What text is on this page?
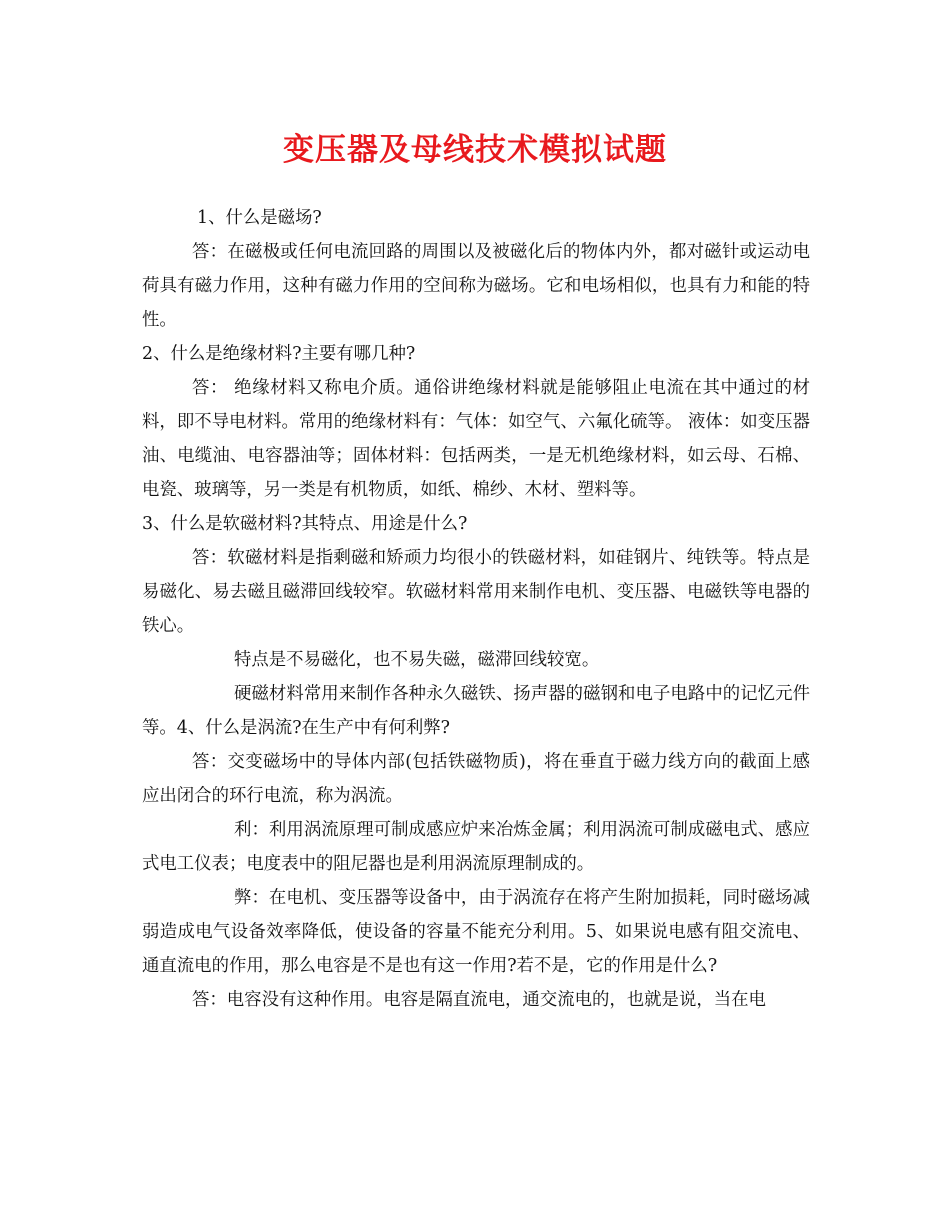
变压器及母线技术模拟试题

1、什么是磁场?

答：在磁极或任何电流回路的周围以及被磁化后的物体内外，都对磁针或运动电荷具有磁力作用，这种有磁力作用的空间称为磁场。它和电场相似，也具有力和能的特性。

2、什么是绝缘材料?主要有哪几种?

答： 绝缘材料又称电介质。通俗讲绝缘材料就是能够阻止电流在其中通过的材料，即不导电材料。常用的绝缘材料有：气体：如空气、六氟化硫等。 液体：如变压器油、电缆油、电容器油等；固体材料：包括两类，一是无机绝缘材料，如云母、石棉、电瓷、玻璃等，另一类是有机物质，如纸、棉纱、木材、塑料等。

3、什么是软磁材料?其特点、用途是什么?

答：软磁材料是指剩磁和矫顽力均很小的铁磁材料，如硅钢片、纯铁等。特点是易磁化、易去磁且磁滞回线较窄。软磁材料常用来制作电机、变压器、电磁铁等电器的铁心。

特点是不易磁化，也不易失磁，磁滞回线较宽。

硬磁材料常用来制作各种永久磁铁、扬声器的磁钢和电子电路中的记忆元件等。4、什么是涡流?在生产中有何利弊?

答：交变磁场中的导体内部(包括铁磁物质)，将在垂直于磁力线方向的截面上感应出闭合的环行电流，称为涡流。

利：利用涡流原理可制成感应炉来冶炼金属；利用涡流可制成磁电式、感应式电工仪表；电度表中的阻尼器也是利用涡流原理制成的。

弊：在电机、变压器等设备中，由于涡流存在将产生附加损耗，同时磁场减弱造成电气设备效率降低，使设备的容量不能充分利用。5、如果说电感有阻交流电、通直流电的作用，那么电容是不是也有这一作用?若不是，它的作用是什么?

答：电容没有这种作用。电容是隔直流电，通交流电的，也就是说，当在电
